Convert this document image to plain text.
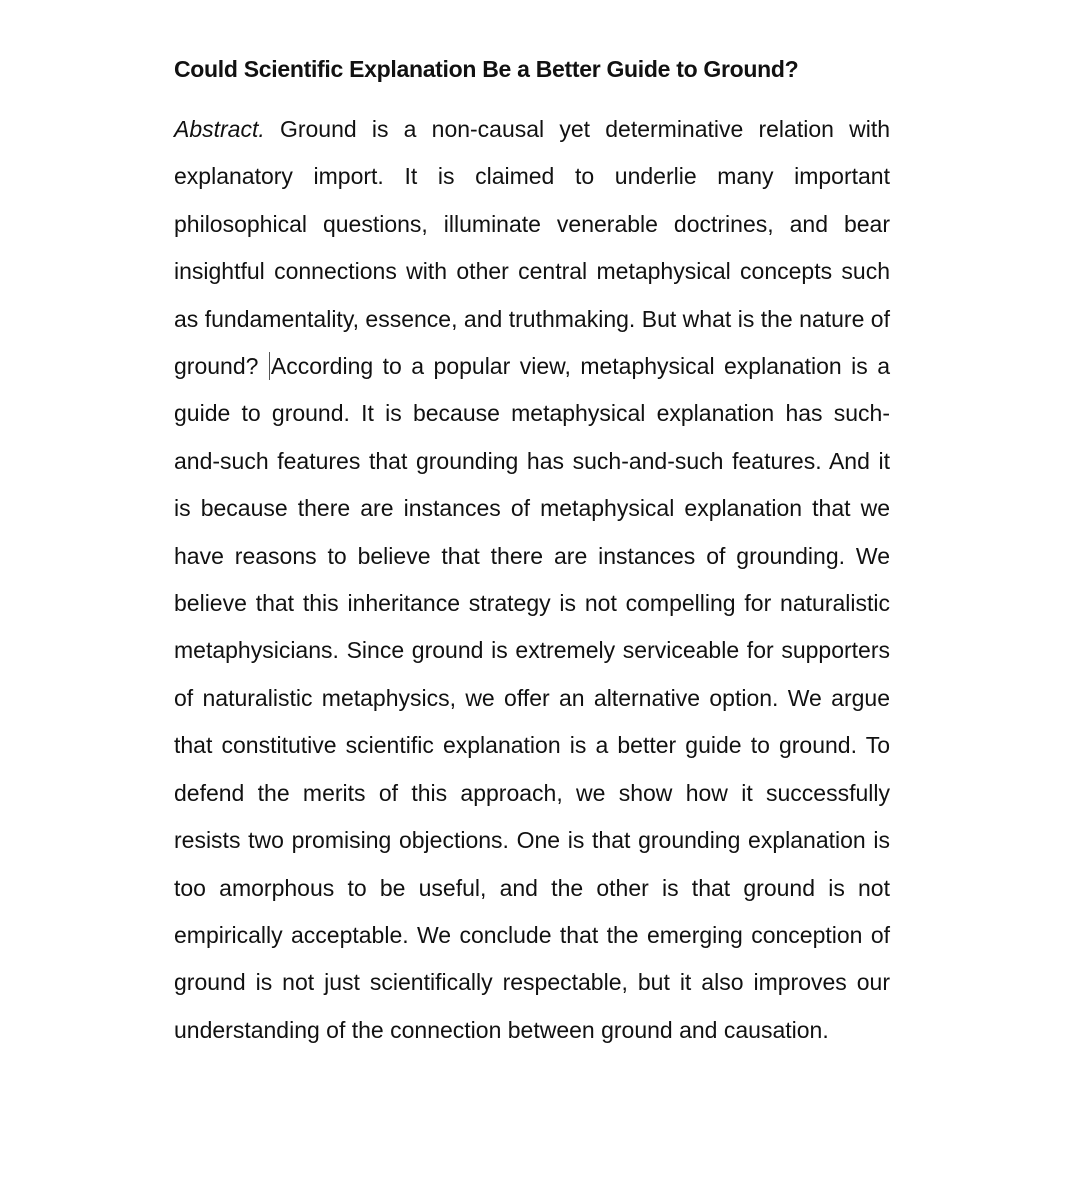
Could Scientific Explanation Be a Better Guide to Ground?

Abstract. Ground is a non-causal yet determinative relation with explanatory import. It is claimed to underlie many important philosophical questions, illuminate venerable doctrines, and bear insightful connections with other central metaphysical concepts such as fundamentality, essence, and truthmaking. But what is the nature of ground? According to a popular view, metaphysical explanation is a guide to ground. It is because metaphysical explanation has such-and-such features that grounding has such-and-such features. And it is because there are instances of metaphysical explanation that we have reasons to believe that there are instances of grounding. We believe that this inheritance strategy is not compelling for naturalistic metaphysicians. Since ground is extremely serviceable for supporters of naturalistic metaphysics, we offer an alternative option. We argue that constitutive scientific explanation is a better guide to ground. To defend the merits of this approach, we show how it successfully resists two promising objections. One is that grounding explanation is too amorphous to be useful, and the other is that ground is not empirically acceptable. We conclude that the emerging conception of ground is not just scientifically respectable, but it also improves our understanding of the connection between ground and causation.
